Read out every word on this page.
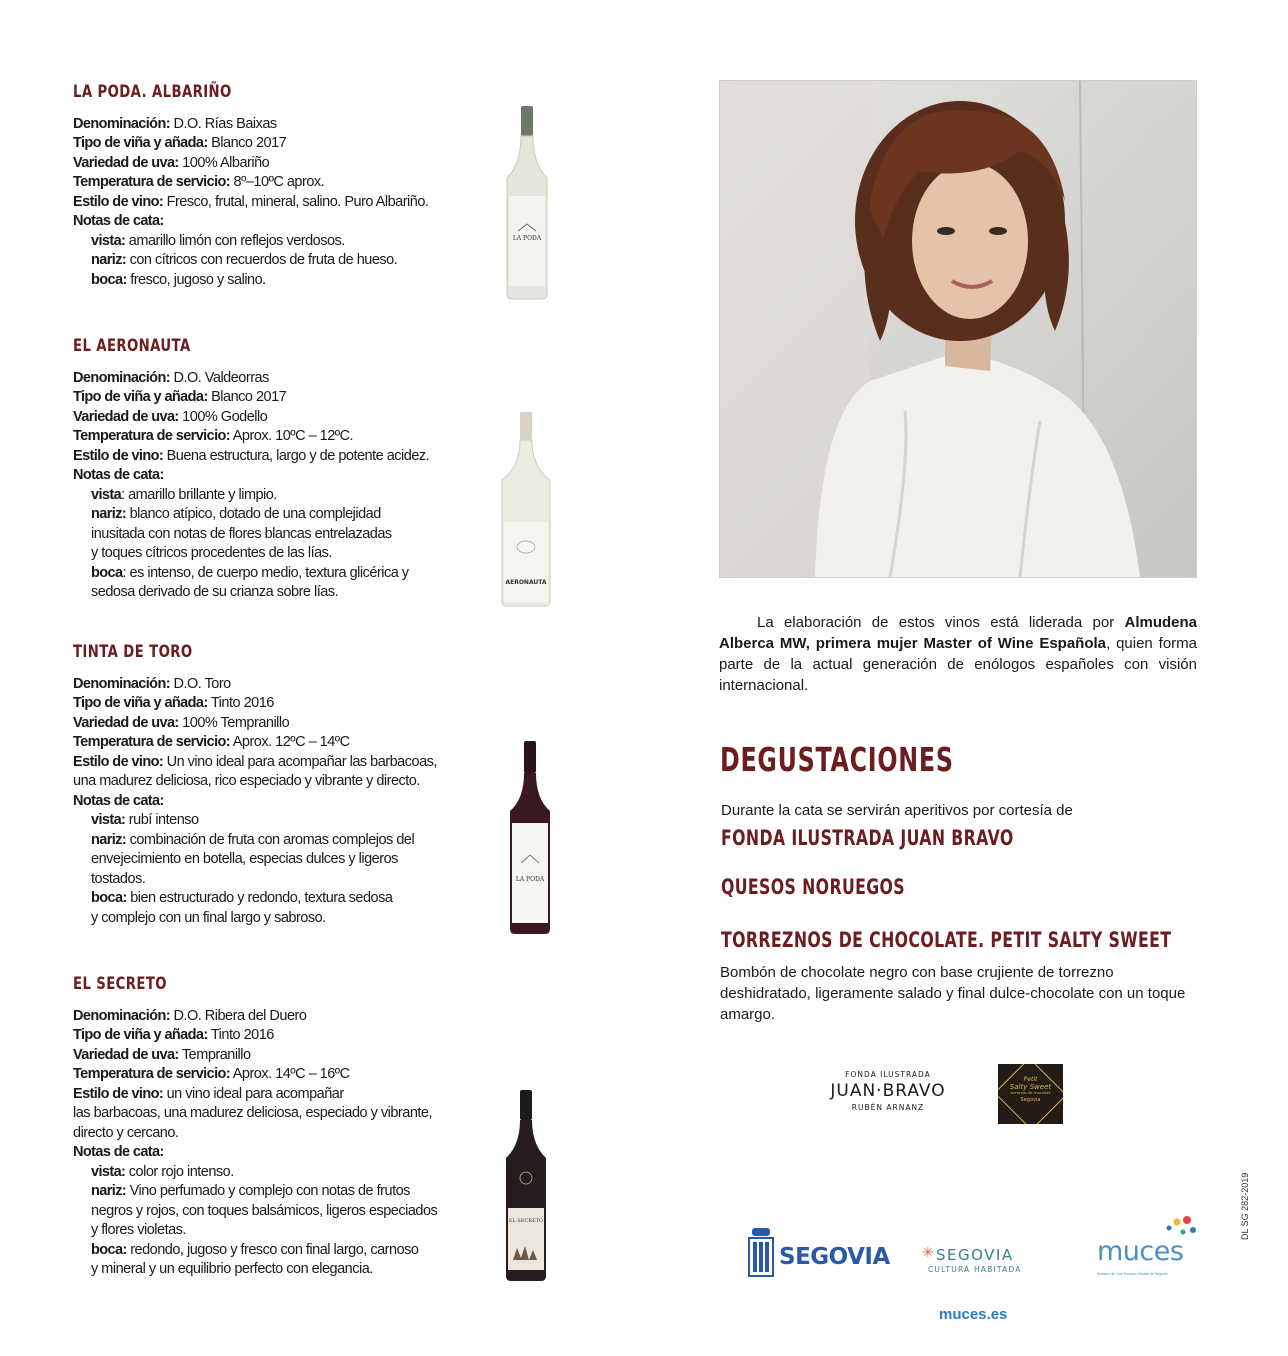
LA PODA. ALBARIÑO
Denominación: D.O. Rías Baixas
Tipo de viña y añada: Blanco 2017
Variedad de uva: 100% Albariño
Temperatura de servicio: 8º–10ºC aprox.
Estilo de vino: Fresco, frutal, mineral, salino. Puro Albariño.
Notas de cata:
vista: amarillo limón con reflejos verdosos.
nariz: con cítricos con recuerdos de fruta de hueso.
boca: fresco, jugoso y salino.
LA PODA
EL AERONAUTA
Denominación: D.O. Valdeorras
Tipo de viña y añada: Blanco 2017
Variedad de uva: 100% Godello
Temperatura de servicio: Aprox. 10ºC – 12ºC.
Estilo de vino: Buena estructura, largo y de potente acidez.
Notas de cata:
vista: amarillo brillante y limpio.
nariz: blanco atípico, dotado de una complejidad
inusitada con notas de flores blancas entrelazadas
y toques cítricos procedentes de las lías.
boca: es intenso, de cuerpo medio, textura glicérica y
sedosa derivado de su crianza sobre lías.
AERONAUTA
TINTA DE TORO
Denominación: D.O. Toro
Tipo de viña y añada: Tinto 2016
Variedad de uva: 100% Tempranillo
Temperatura de servicio: Aprox. 12ºC – 14ºC
Estilo de vino: Un vino ideal para acompañar las barbacoas,
una madurez deliciosa, rico especiado y vibrante y directo.
Notas de cata:
vista: rubí intenso
nariz: combinación de fruta con aromas complejos del
envejecimiento en botella, especias dulces y ligeros
tostados.
boca: bien estructurado y redondo, textura sedosa
y complejo con un final largo y sabroso.
LA PODA
EL SECRETO
Denominación: D.O. Ribera del Duero
Tipo de viña y añada: Tinto 2016
Variedad de uva: Tempranillo
Temperatura de servicio: Aprox. 14ºC – 16ºC
Estilo de vino: un vino ideal para acompañar
las barbacoas, una madurez deliciosa, especiado y vibrante,
directo y cercano.
Notas de cata:
vista: color rojo intenso.
nariz: Vino perfumado y complejo con notas de frutos
negros y rojos, con toques balsámicos, ligeros especiados
y flores violetas.
boca: redondo, jugoso y fresco con final largo, carnoso
y mineral y un equilibrio perfecto con elegancia.
EL SECRETO
La elaboración de estos vinos está liderada por Almudena Alberca MW, primera mujer Master of Wine Española, quien forma parte de la actual generación de enólogos españoles con visión internacional.
DEGUSTACIONES
Durante la cata se servirán aperitivos por cortesía de
FONDA ILUSTRADA JUAN BRAVO
QUESOS NORUEGOS
TORREZNOS DE CHOCOLATE. PETIT SALTY SWEET
Bombón de chocolate negro con base crujiente de torrezno deshidratado, ligeramente salado y final dulce-chocolate con un toque amargo.
FONDA ILUSTRADA
JUAN·BRAVO
RUBÉN ARNANZ
Petit
Salty Sweet
torreznos de chocolate
Segovia
SEGOVIA ✳ SEGOVIA
CULTURA HABITADA
muces
Muestra de Cine Europeo Ciudad de Segovia
DL SG 282-2019
muces.es
